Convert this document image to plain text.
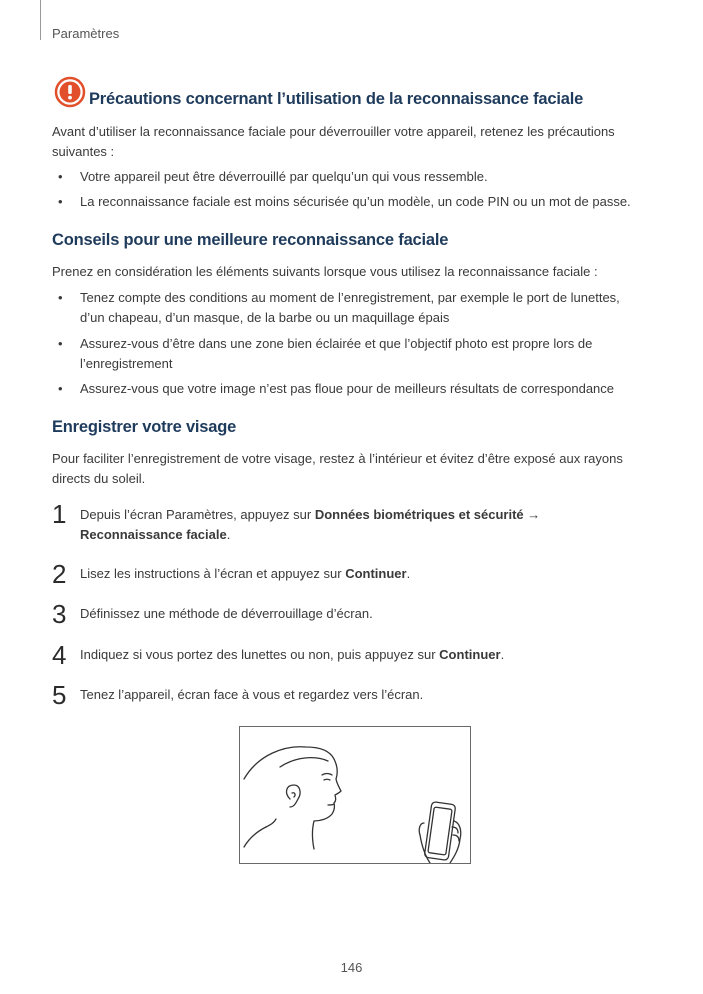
Paramètres
Précautions concernant l’utilisation de la reconnaissance faciale
Avant d’utiliser la reconnaissance faciale pour déverrouiller votre appareil, retenez les précautions suivantes :
• Votre appareil peut être déverrouillé par quelqu’un qui vous ressemble.
• La reconnaissance faciale est moins sécurisée qu’un modèle, un code PIN ou un mot de passe.
Conseils pour une meilleure reconnaissance faciale
Prenez en considération les éléments suivants lorsque vous utilisez la reconnaissance faciale :
• Tenez compte des conditions au moment de l’enregistrement, par exemple le port de lunettes, d’un chapeau, d’un masque, de la barbe ou un maquillage épais
• Assurez-vous d’être dans une zone bien éclairée et que l’objectif photo est propre lors de l’enregistrement
• Assurez-vous que votre image n’est pas floue pour de meilleurs résultats de correspondance
Enregistrer votre visage
Pour faciliter l’enregistrement de votre visage, restez à l’intérieur et évitez d’être exposé aux rayons directs du soleil.
1 Depuis l’écran Paramètres, appuyez sur Données biométriques et sécurité →
Reconnaissance faciale.
2 Lisez les instructions à l’écran et appuyez sur Continuer.
3 Définissez une méthode de déverrouillage d’écran.
4 Indiquez si vous portez des lunettes ou non, puis appuyez sur Continuer.
5 Tenez l’appareil, écran face à vous et regardez vers l’écran.
146
